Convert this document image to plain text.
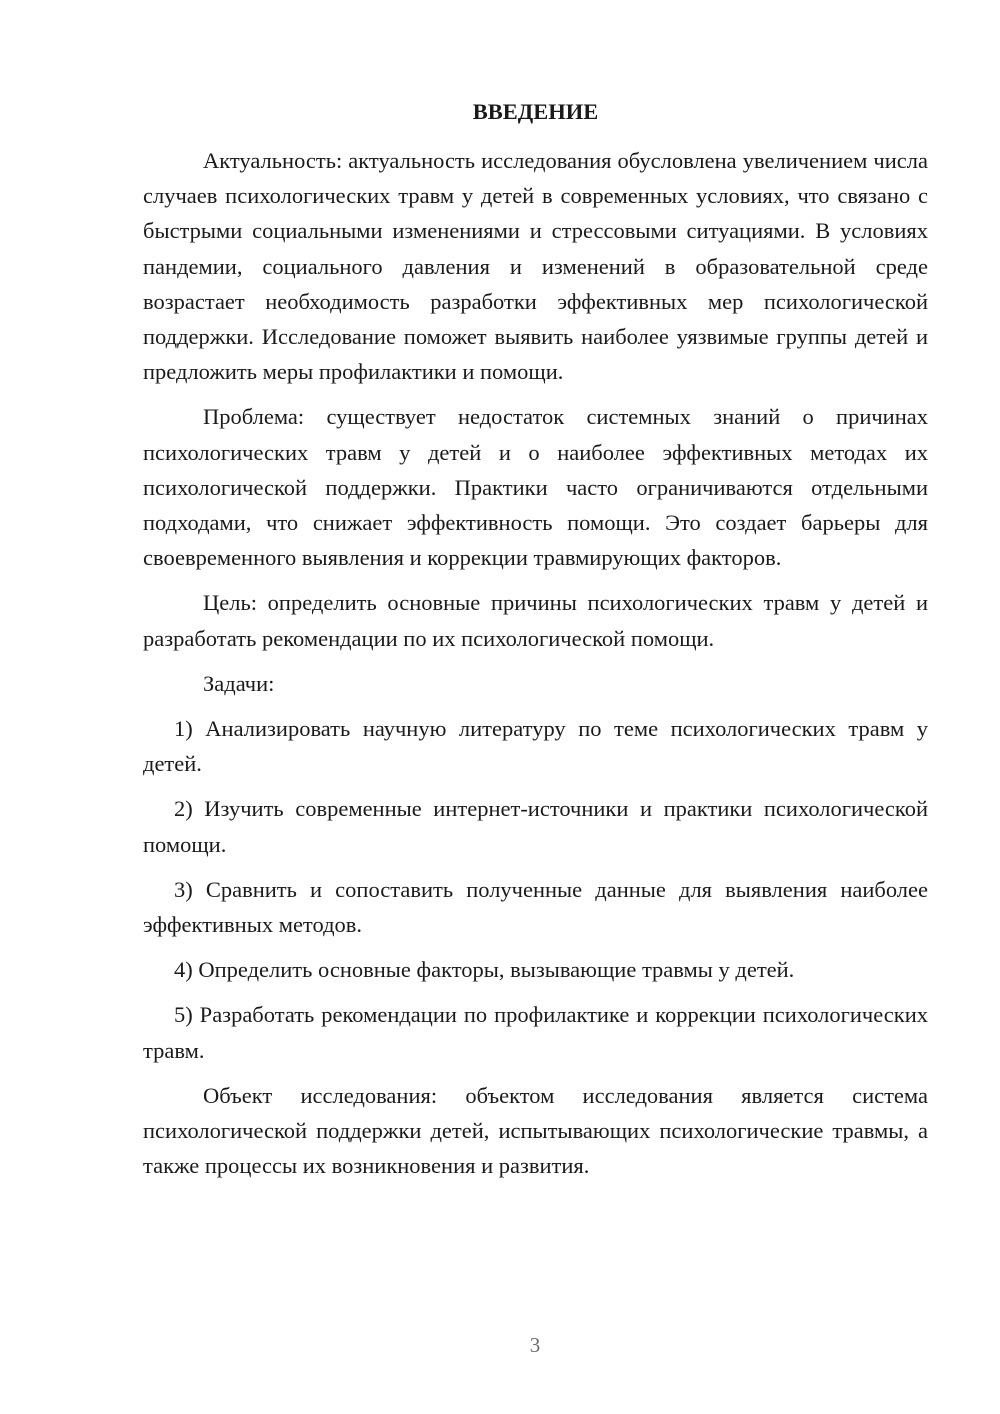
ВВЕДЕНИЕ

Актуальность: актуальность исследования обусловлена увеличением числа случаев психологических травм у детей в современных условиях, что связано с быстрыми социальными изменениями и стрессовыми ситуациями. В условиях пандемии, социального давления и изменений в образовательной среде возрастает необходимость разработки эффективных мер психологической поддержки. Исследование поможет выявить наиболее уязвимые группы детей и предложить меры профилактики и помощи.

Проблема: существует недостаток системных знаний о причинах психологических травм у детей и о наиболее эффективных методах их психологической поддержки. Практики часто ограничиваются отдельными подходами, что снижает эффективность помощи. Это создает барьеры для своевременного выявления и коррекции травмирующих факторов.

Цель: определить основные причины психологических травм у детей и разработать рекомендации по их психологической помощи.

Задачи:

1) Анализировать научную литературу по теме психологических травм у детей.

2) Изучить современные интернет-источники и практики психологической помощи.

3) Сравнить и сопоставить полученные данные для выявления наиболее эффективных методов.

4) Определить основные факторы, вызывающие травмы у детей.

5) Разработать рекомендации по профилактике и коррекции психологических травм.

Объект исследования: объектом исследования является система психологической поддержки детей, испытывающих психологические травмы, а также процессы их возникновения и развития.

3
